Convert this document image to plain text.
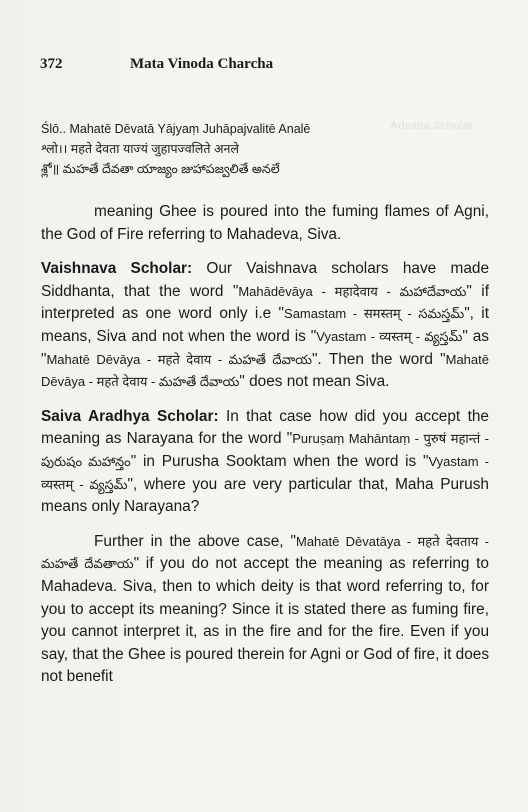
Advaita Scholar
372	Mata Vinoda Charcha
Ślō.. Mahatē Dēvatā Yājyaṃ Juhāpajvalitē Analē
श्लो।। महते देवता याज्यं जुहापज्वलिते अनले
శ్లో॥ మహతే దేవతా యాజ్యం జుహాపజ్వలితే అనలే

meaning Ghee is poured into the fuming flames of Agni, the God of Fire referring to Mahadeva, Siva.

Vaishnava Scholar: Our Vaishnava scholars have made Siddhanta, that the word "Mahādēvāya - महादेवाय - మహాదేవాయ" if interpreted as one word only i.e "Samastam - समस्तम् - సమస్తమ్", it means, Siva and not when the word is "Vyastam - व्यस्तम् - వ్యస్తమ్" as "Mahatē Dēvāya - महते देवाय - మహతే దేవాయ". Then the word "Mahatē Dēvāya - महते देवाय - మహతే దేవాయ" does not mean Siva.

Saiva Aradhya Scholar: In that case how did you accept the meaning as Narayana for the word "Puruṣaṃ Mahāntaṃ - पुरुषं महान्तं - పురుషం మహాన్తం" in Purusha Sooktam when the word is "Vyastam - व्यस्तम् - వ్యస్తమ్", where you are very particular that, Maha Purush means only Narayana?

Further in the above case, "Mahatē Dēvatāya - महते देवताय - మహతే దేవతాయ" if you do not accept the meaning as referring to Mahadeva. Siva, then to which deity is that word referring to, for you to accept its meaning? Since it is stated there as fuming fire, you cannot interpret it, as in the fire and for the fire. Even if you say, that the Ghee is poured therein for Agni or God of fire, it does not benefit
